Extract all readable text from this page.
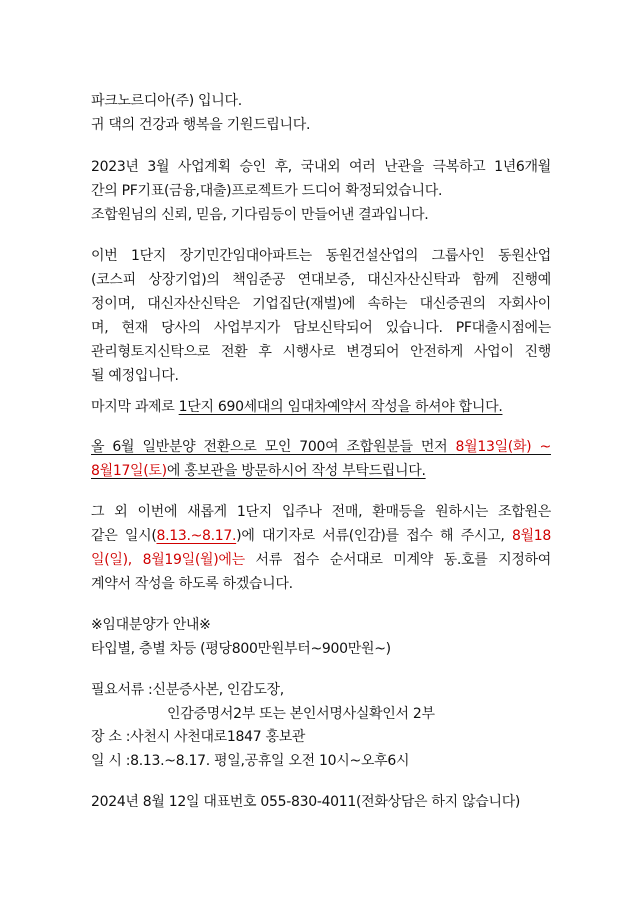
파크노르디아(주) 입니다.
귀 댁의 건강과 행복을 기원드립니다.
2023년 3월 사업계획 승인 후, 국내외 여러 난관을 극복하고 1년6개월
간의 PF기표(금융,대출)프로젝트가 드디어 확정되었습니다.
조합원님의 신뢰, 믿음, 기다림등이 만들어낸 결과입니다.
이번 1단지 장기민간임대아파트는 동원건설산업의 그룹사인 동원산업
(코스피 상장기업)의 책임준공 연대보증, 대신자산신탁과 함께 진행예
정이며, 대신자산신탁은 기업집단(재벌)에 속하는 대신증권의 자회사이
며, 현재 당사의 사업부지가 담보신탁되어 있습니다. PF대출시점에는
관리형토지신탁으로 전환 후 시행사로 변경되어 안전하게 사업이 진행
될 예정입니다.
마지막 과제로 1단지 690세대의 임대차예약서 작성을 하셔야 합니다.
올 6월 일반분양 전환으로 모인 700여 조합원분들 먼저 8월13일(화) ~
8월17일(토)에 홍보관을 방문하시어 작성 부탁드립니다.
그 외 이번에 새롭게 1단지 입주나 전매, 환매등을 원하시는 조합원은
같은 일시(8.13.~8.17.)에 대기자로 서류(인감)를 접수 해 주시고, 8월18
일(일), 8월19일(월)에는 서류 접수 순서대로 미계약 동.호를 지정하여
계약서 작성을 하도록 하겠습니다.
※임대분양가 안내※
타입별, 층별 차등 (평당800만원부터~900만원~)
필요서류 :신분증사본, 인감도장,
인감증명서2부 또는 본인서명사실확인서 2부
장 소 :사천시 사천대로1847 홍보관
일 시 :8.13.~8.17. 평일,공휴일 오전 10시~오후6시
2024년 8월 12일 대표번호 055-830-4011(전화상담은 하지 않습니다)
